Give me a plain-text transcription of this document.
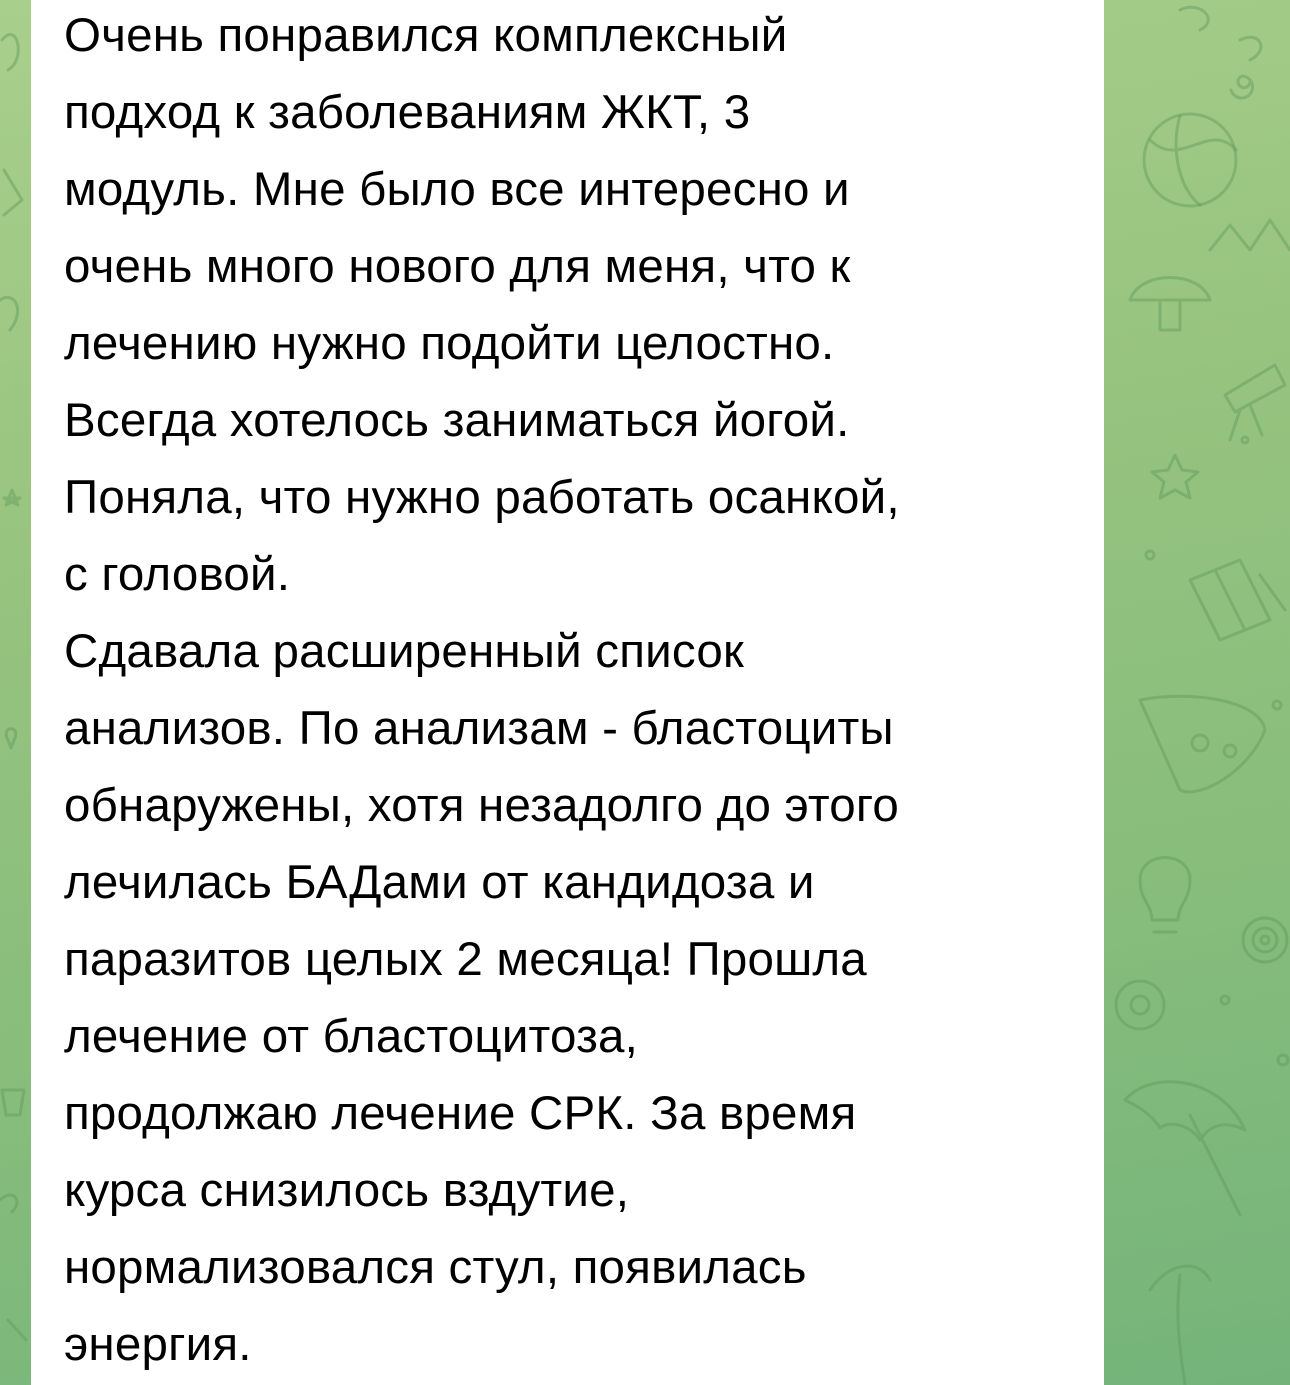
Очень понравился комплексный
подход к заболеваниям ЖКТ, 3
модуль. Мне было все интересно и
очень много нового для меня, что к
лечению нужно подойти целостно.
Всегда хотелось заниматься йогой.
Поняла, что нужно работать осанкой,
с головой.

Сдавала расширенный список
анализов. По анализам - бластоциты
обнаружены, хотя незадолго до этого
лечилась БАДами от кандидоза и
паразитов целых 2 месяца! Прошла
лечение от бластоцитоза,
продолжаю лечение СРК. За время
курса снизилось вздутие,
нормализовался стул, появилась
энергия.
